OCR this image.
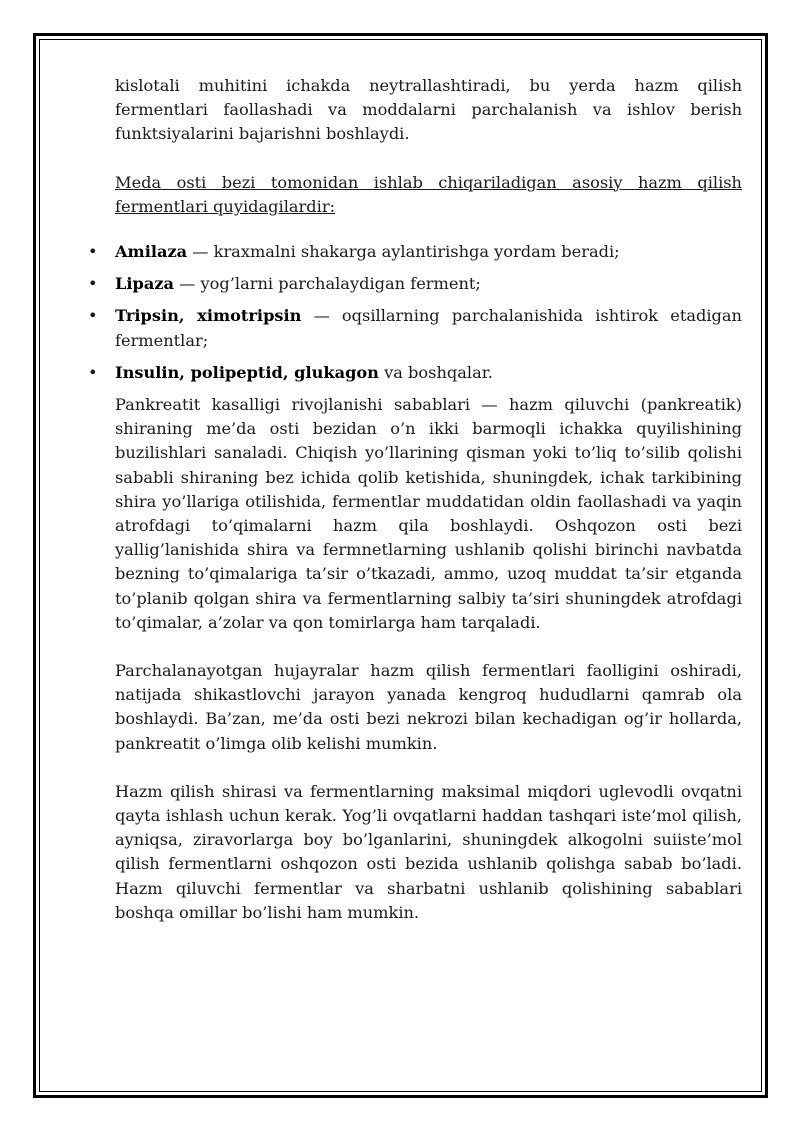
kislotali muhitini ichakda neytrallashtiradi, bu yerda hazm qilish fermentlari faollashadi va moddalarni parchalanish va ishlov berish funktsiyalarini bajarishni boshlaydi.

Meda osti bezi tomonidan ishlab chiqariladigan asosiy hazm qilish fermentlari quyidagilardir:

• Amilaza — kraxmalni shakarga aylantirishga yordam beradi;
• Lipaza — yog’larni parchalaydigan ferment;
• Tripsin, ximotripsin — oqsillarning parchalanishida ishtirok etadigan fermentlar;
• Insulin, polipeptid, glukagon va boshqalar.

Pankreatit kasalligi rivojlanishi sabablari — hazm qiluvchi (pankreatik) shiraning me’da osti bezidan o’n ikki barmoqli ichakka quyilishining buzilishlari sanaladi. Chiqish yo’llarining qisman yoki to’liq to’silib qolishi sababli shiraning bez ichida qolib ketishida, shuningdek, ichak tarkibining shira yo’llariga otilishida, fermentlar muddatidan oldin faollashadi va yaqin atrofdagi to’qimalarni hazm qila boshlaydi. Oshqozon osti bezi yallig’lanishida shira va fermnetlarning ushlanib qolishi birinchi navbatda bezning to’qimalariga ta’sir o’tkazadi, ammo, uzoq muddat ta’sir etganda to’planib qolgan shira va fermentlarning salbiy ta’siri shuningdek atrofdagi to’qimalar, a’zolar va qon tomirlarga ham tarqaladi.

Parchalanayotgan hujayralar hazm qilish fermentlari faolligini oshiradi, natijada shikastlovchi jarayon yanada kengroq hududlarni qamrab ola boshlaydi. Ba’zan, me’da osti bezi nekrozi bilan kechadigan og’ir hollarda, pankreatit o’limga olib kelishi mumkin.

Hazm qilish shirasi va fermentlarning maksimal miqdori uglevodli ovqatni qayta ishlash uchun kerak. Yog’li ovqatlarni haddan tashqari iste’mol qilish, ayniqsa, ziravorlarga boy bo’lganlarini, shuningdek alkogolni suiiste’mol qilish fermentlarni oshqozon osti bezida ushlanib qolishga sabab bo’ladi. Hazm qiluvchi fermentlar va sharbatni ushlanib qolishining sabablari boshqa omillar bo’lishi ham mumkin.
